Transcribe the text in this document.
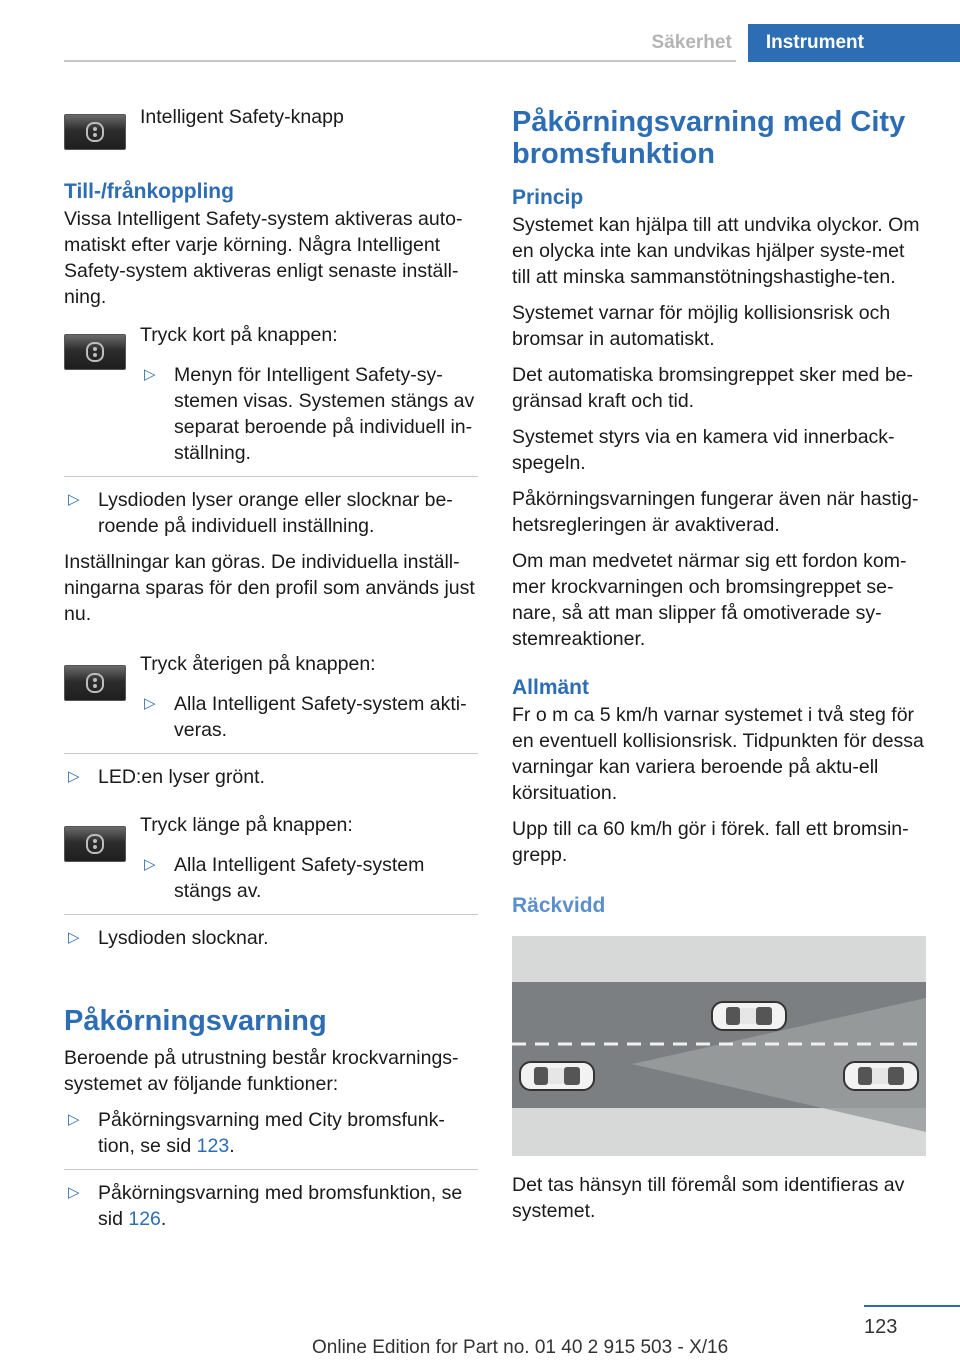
Säkerhet	Instrument

Intelligent Safety-knapp

Till-/frånkoppling

Vissa Intelligent Safety-system aktiveras auto-matiskt efter varje körning. Några Intelligent Safety-system aktiveras enligt senaste inställ-ning.

Tryck kort på knappen:

▷ Menyn för Intelligent Safety-sy-stemen visas. Systemen stängs av separat beroende på individuell in-ställning.
▷ Lysdioden lyser orange eller slocknar be-roende på individuell inställning.

Inställningar kan göras. De individuella inställ-ningarna sparas för den profil som används just nu.

Tryck återigen på knappen:

▷ Alla Intelligent Safety-system akti-veras.
▷ LED:en lyser grönt.

Tryck länge på knappen:

▷ Alla Intelligent Safety-system stängs av.
▷ Lysdioden slocknar.
Påkörningsvarning

Beroende på utrustning består krockvarnings-systemet av följande funktioner:

▷ Påkörningsvarning med City bromsfunk-tion, se sid 123.
▷ Påkörningsvarning med bromsfunktion, se sid 126.
Påkörningsvarning med City bromsfunktion
Princip

Systemet kan hjälpa till att undvika olyckor. Om en olycka inte kan undvikas hjälper syste-met till att minska sammanstötningshastighe-ten.

Systemet varnar för möjlig kollisionsrisk och bromsar in automatiskt.

Det automatiska bromsingreppet sker med be-gränsad kraft och tid.

Systemet styrs via en kamera vid innerback-spegeln.

Påkörningsvarningen fungerar även när hastig-hetsregleringen är avaktiverad.

Om man medvetet närmar sig ett fordon kom-mer krockvarningen och bromsingreppet se-nare, så att man slipper få omotiverade sy-stemreaktioner.

Allmänt

Fr o m ca 5 km/h varnar systemet i två steg för en eventuell kollisionsrisk. Tidpunkten för dessa varningar kan variera beroende på aktu-ell körsituation.

Upp till ca 60 km/h gör i förek. fall ett bromsin-grepp.

Räckvidd

Det tas hänsyn till föremål som identifieras av systemet.

123
Online Edition for Part no. 01 40 2 915 503 - X/16
